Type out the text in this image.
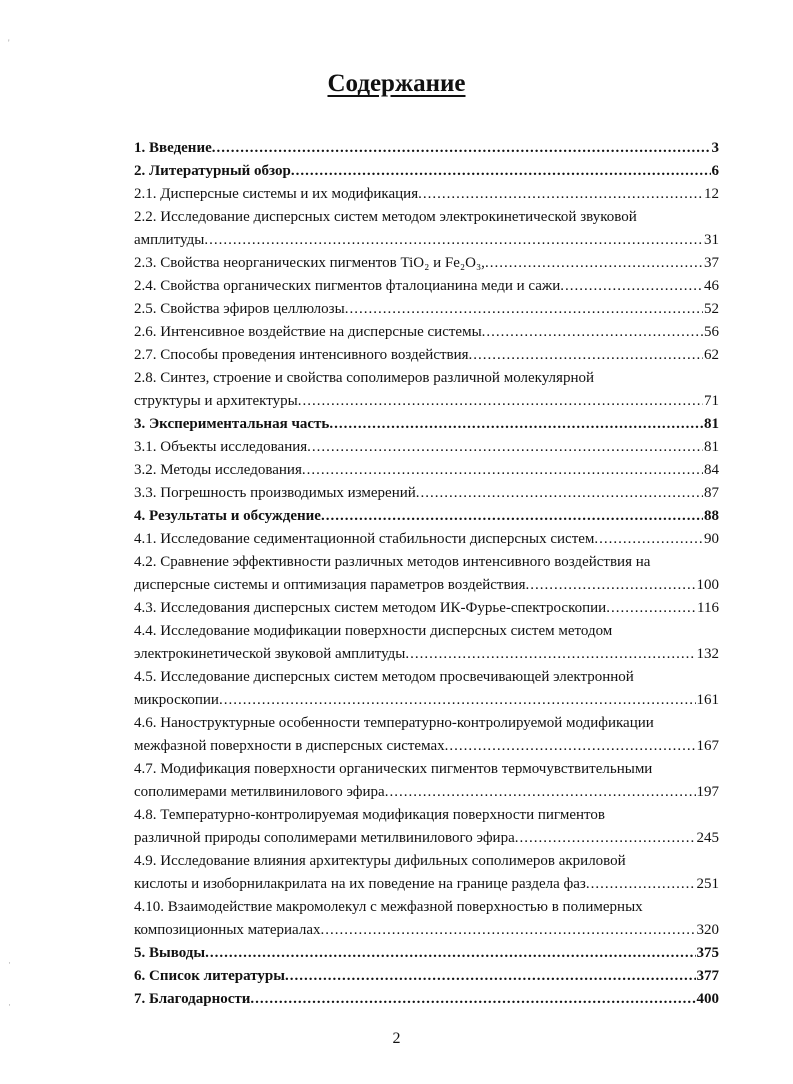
Содержание
1. Введение .....	3
2. Литературный обзор .....	6
2.1. Дисперсные системы и их модификация .....	12
2.2. Исследование дисперсных систем методом электрокинетической звуковой
амплитуды .....	31
2.3. Свойства неорганических пигментов TiO₂ и Fe₂O₃, .....	37
2.4. Свойства органических пигментов фталоцианина меди и сажи .....	46
2.5. Свойства эфиров целлюлозы .....	52
2.6. Интенсивное воздействие на дисперсные системы .....	56
2.7. Способы проведения интенсивного воздействия .....	62
2.8. Синтез, строение и свойства сополимеров различной молекулярной
структуры и архитектуры .....	71
3. Экспериментальная часть .....	81
3.1. Объекты исследования .....	81
3.2. Методы исследования .....	84
3.3. Погрешность производимых измерений .....	87
4. Результаты и обсуждение .....	88
4.1. Исследование седиментационной стабильности дисперсных систем .....	90
4.2. Сравнение эффективности различных методов интенсивного воздействия на
дисперсные системы и оптимизация параметров воздействия .....	100
4.3. Исследования дисперсных систем методом ИК-Фурье-спектроскопии .....	116
4.4. Исследование модификации поверхности дисперсных систем методом
электрокинетической звуковой амплитуды .....	132
4.5. Исследование дисперсных систем методом просвечивающей электронной
микроскопии .....	161
4.6. Наноструктурные особенности температурно-контролируемой модификации
межфазной поверхности в дисперсных системах .....	167
4.7. Модификация поверхности органических пигментов термочувствительными
сополимерами метилвинилового эфира .....	197
4.8. Температурно-контролируемая модификация поверхности пигментов
различной природы сополимерами метилвинилового эфира .....	245
4.9. Исследование влияния архитектуры дифильных сополимеров акриловой
кислоты и изоборнилакрилата на их поведение на границе раздела фаз .....	251
4.10. Взаимодействие макромолекул с межфазной поверхностью в полимерных
композиционных материалах .....	320
5. Выводы .....	375
6. Список литературы .....	377
7. Благодарности .....	400
2
'
·
·
